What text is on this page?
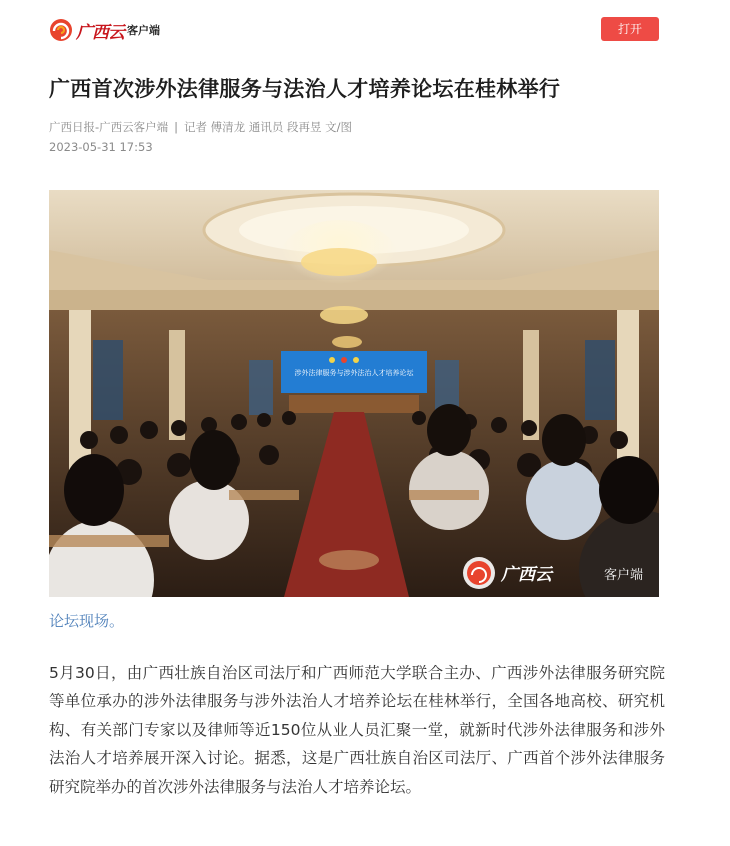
广西云 客户端	打开
广西首次涉外法律服务与法治人才培养论坛在桂林举行
广西日报-广西云客户端 | 记者 傅清龙 通讯员 段再昱 文/图
2023-05-31 17:53
涉外法律服务与涉外法治人才培养论坛
广西云	客户端
论坛现场。

5月30日，由广西壮族自治区司法厅和广西师范大学联合主办、广西涉外法律服务研究院等单位承办的涉外法律服务与涉外法治人才培养论坛在桂林举行，全国各地高校、研究机构、有关部门专家以及律师等近150位从业人员汇聚一堂，就新时代涉外法律服务和涉外法治人才培养展开深入讨论。据悉，这是广西壮族自治区司法厅、广西首个涉外法律服务研究院举办的首次涉外法律服务与法治人才培养论坛。
